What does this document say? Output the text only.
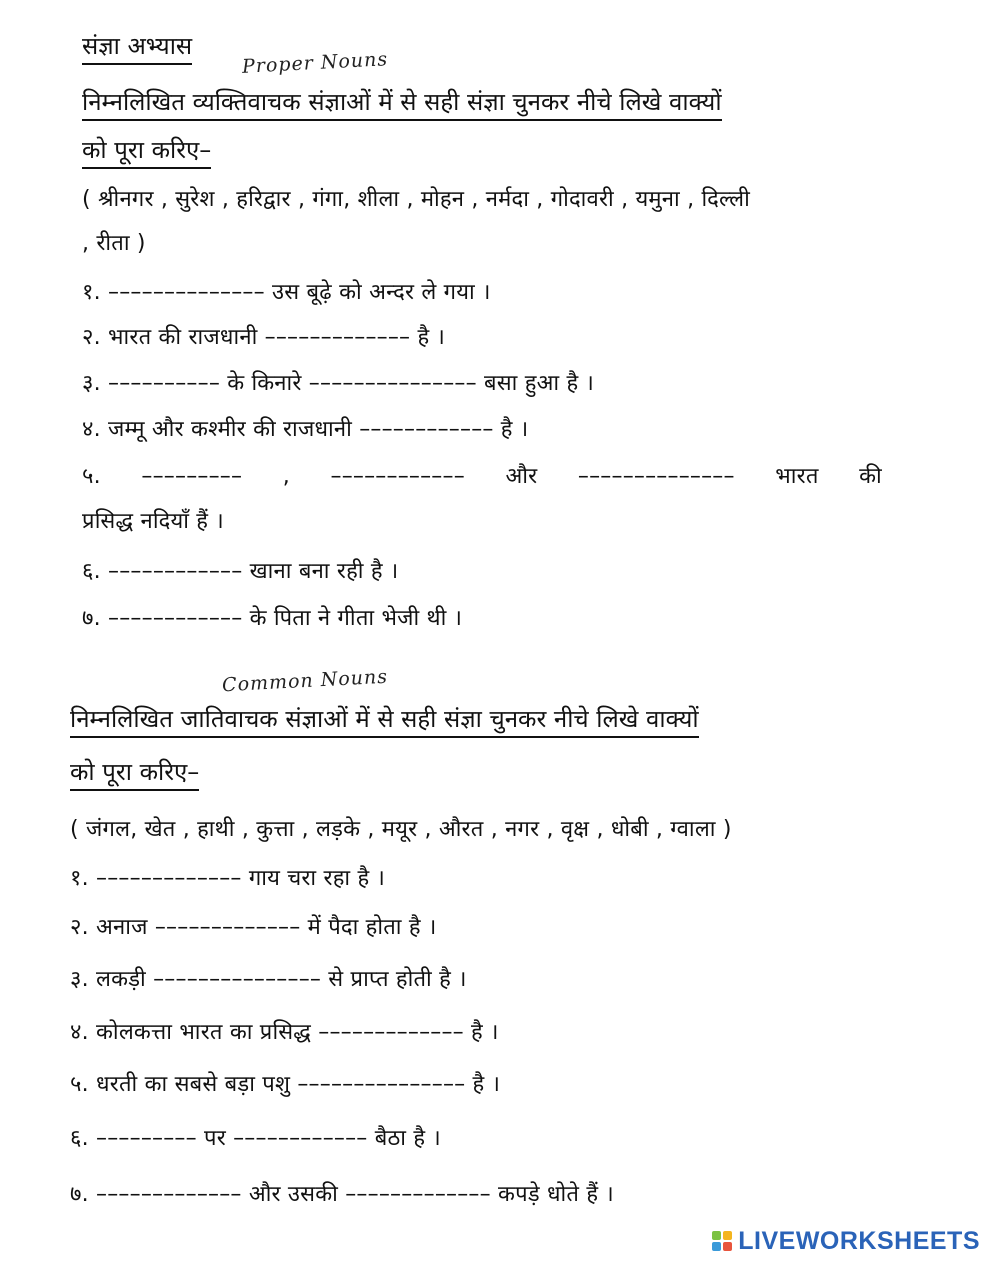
संज्ञा अभ्यास
Proper Nouns
निम्नलिखित व्यक्तिवाचक संज्ञाओं में से सही संज्ञा चुनकर नीचे लिखे वाक्यों
को पूरा करिए–
( श्रीनगर , सुरेश , हरिद्वार , गंगा, शीला , मोहन , नर्मदा , गोदावरी , यमुना , दिल्ली
, रीता )
१. –––––––––––––– उस बूढ़े को अन्दर ले गया ।
२. भारत की राजधानी ––––––––––––– है ।
३. –––––––––– के किनारे ––––––––––––––– बसा हुआ है ।
४. जम्मू और कश्मीर की राजधानी –––––––––––– है ।
५. ––––––––– , –––––––––––– और –––––––––––––– भारत की
प्रसिद्ध नदियाँ हैं ।
६. –––––––––––– खाना बना रही है ।
७. –––––––––––– के पिता ने गीता भेजी थी ।
Common Nouns
निम्नलिखित जातिवाचक संज्ञाओं में से सही संज्ञा चुनकर नीचे लिखे वाक्यों
को पूरा करिए–
( जंगल, खेत , हाथी , कुत्ता , लड़के , मयूर , औरत , नगर , वृक्ष , धोबी , ग्वाला )
१. ––––––––––––– गाय चरा रहा है ।
२. अनाज ––––––––––––– में पैदा होता है ।
३. लकड़ी ––––––––––––––– से प्राप्त होती है ।
४. कोलकत्ता भारत का प्रसिद्ध ––––––––––––– है ।
५. धरती का सबसे बड़ा पशु ––––––––––––––– है ।
६. ––––––––– पर –––––––––––– बैठा है ।
७. ––––––––––––– और उसकी ––––––––––––– कपड़े धोते हैं ।
LIVEWORKSHEETS
